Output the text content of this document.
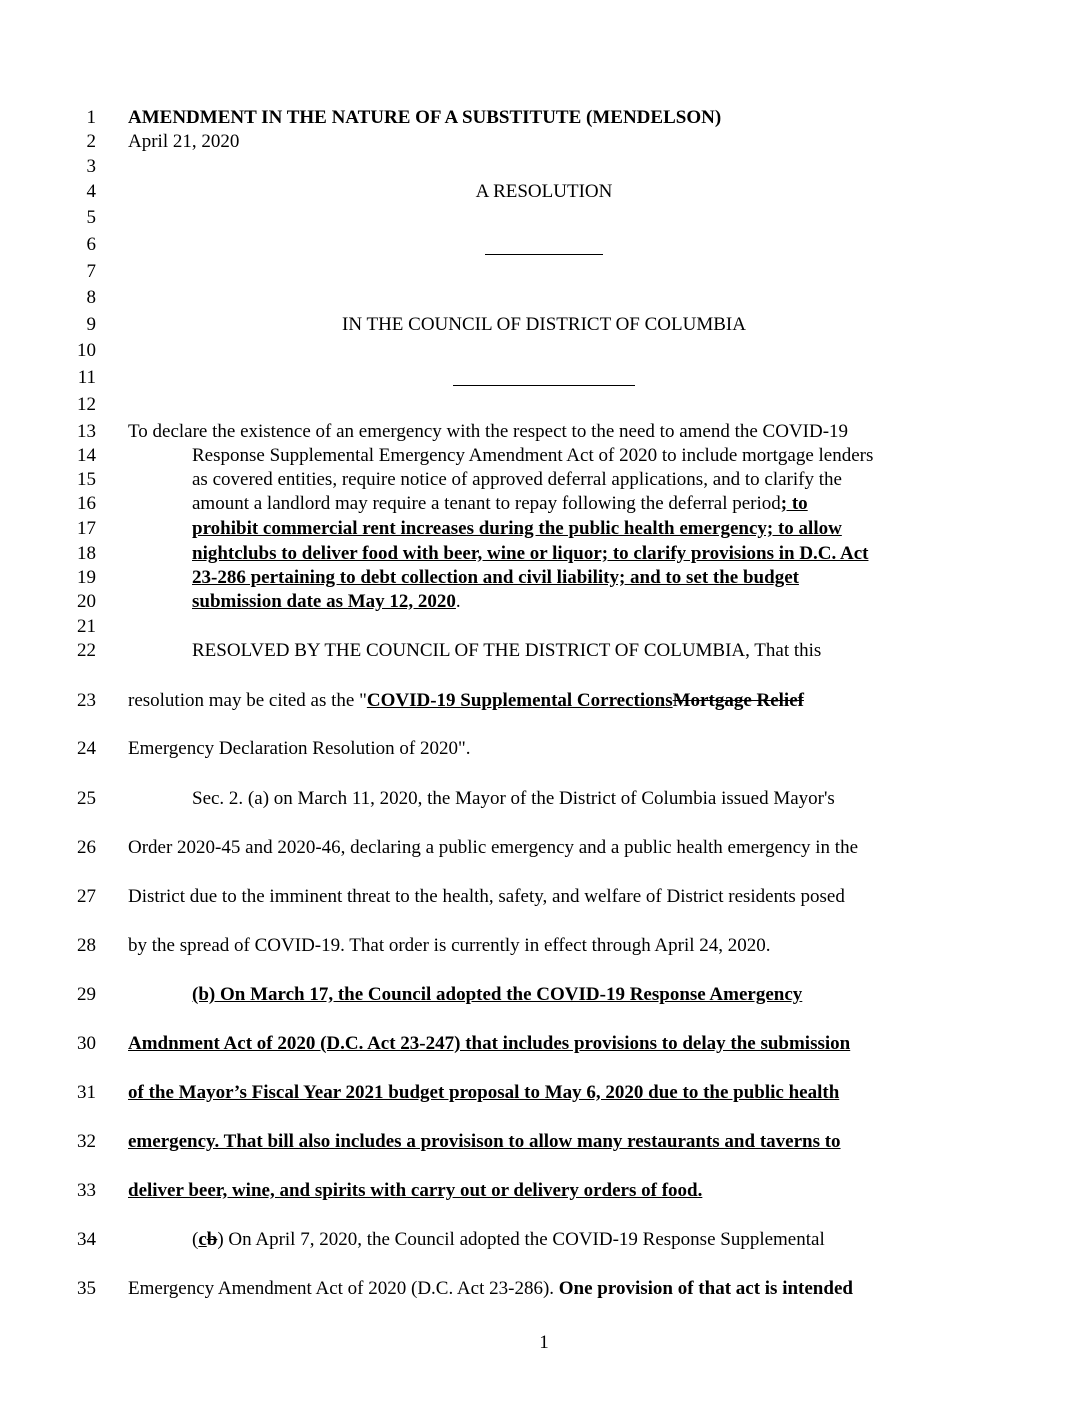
1
2
3
4
5
6
7
8
9
10
11
12
13
14
15
16
17
18
19
20
21
22
23
24
25
26
27
28
29
30
31
32
33
34
35
AMENDMENT IN THE NATURE OF A SUBSTITUTE (MENDELSON)
April 21, 2020
A RESOLUTION
IN THE COUNCIL OF DISTRICT OF COLUMBIA
To declare the existence of an emergency with the respect to the need to amend the COVID-19
Response Supplemental Emergency Amendment Act of 2020 to include mortgage lenders
as covered entities, require notice of approved deferral applications, and to clarify the
amount a landlord may require a tenant to repay following the deferral period; to
prohibit commercial rent increases during the public health emergency; to allow
nightclubs to deliver food with beer, wine or liquor; to clarify provisions in D.C. Act
23-286 pertaining to debt collection and civil liability; and to set the budget
submission date as May 12, 2020.
RESOLVED BY THE COUNCIL OF THE DISTRICT OF COLUMBIA, That this
resolution may be cited as the "COVID-19 Supplemental CorrectionsMortgage Relief
Emergency Declaration Resolution of 2020".
Sec. 2. (a) on March 11, 2020, the Mayor of the District of Columbia issued Mayor's
Order 2020-45 and 2020-46, declaring a public emergency and a public health emergency in the
District due to the imminent threat to the health, safety, and welfare of District residents posed
by the spread of COVID-19. That order is currently in effect through April 24, 2020.
(b) On March 17, the Council adopted the COVID-19 Response Amergency
Amdnment Act of 2020 (D.C. Act 23-247) that includes provisions to delay the submission
of the Mayor’s Fiscal Year 2021 budget proposal to May 6, 2020 due to the public health
emergency. That bill also includes a provisison to allow many restaurants and taverns to
deliver beer, wine, and spirits with carry out or delivery orders of food.
(cb) On April 7, 2020, the Council adopted the COVID-19 Response Supplemental
Emergency Amendment Act of 2020 (D.C. Act 23-286). One provision of that act is intended
1
